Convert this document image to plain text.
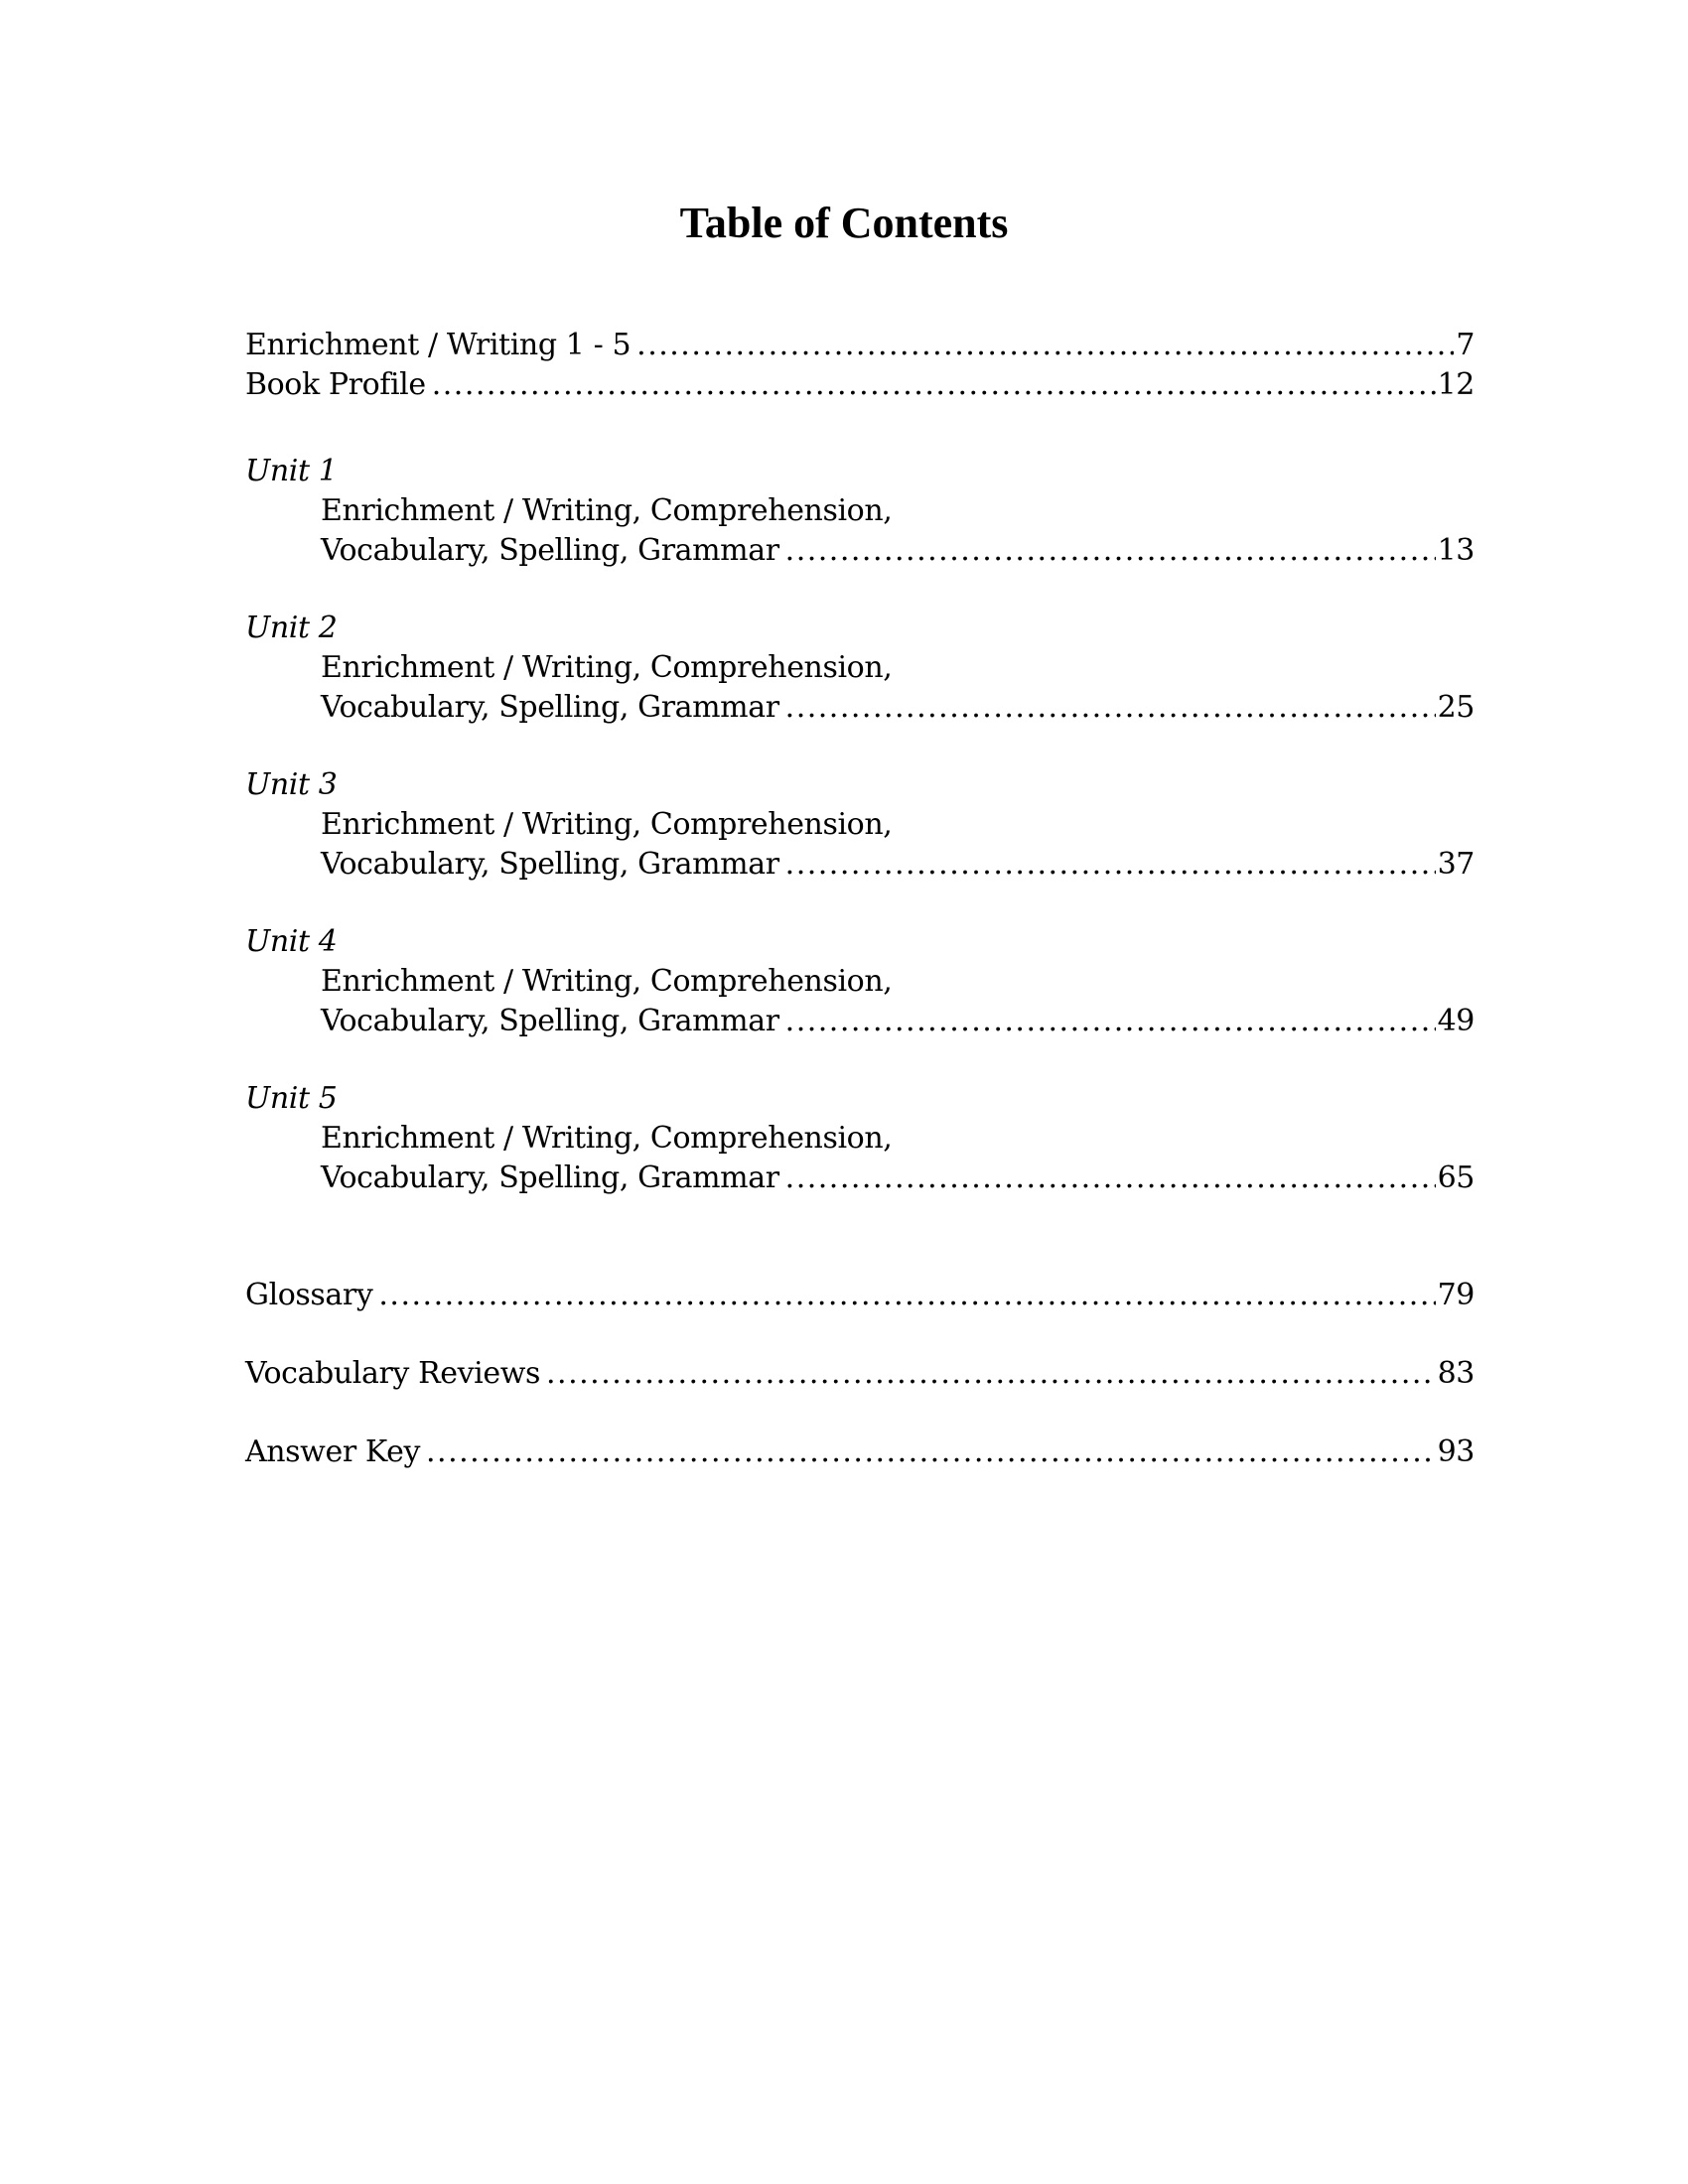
Table of Contents
Enrichment / Writing 1 - 5 .....	7
Book Profile .....	12
Unit 1
Enrichment / Writing, Comprehension,
Vocabulary, Spelling, Grammar .....	13
Unit 2
Enrichment / Writing, Comprehension,
Vocabulary, Spelling, Grammar .....	25
Unit 3
Enrichment / Writing, Comprehension,
Vocabulary, Spelling, Grammar .....	37
Unit 4
Enrichment / Writing, Comprehension,
Vocabulary, Spelling, Grammar .....	49
Unit 5
Enrichment / Writing, Comprehension,
Vocabulary, Spelling, Grammar .....	65
Glossary .....	79
Vocabulary Reviews .....	83
Answer Key .....	93
